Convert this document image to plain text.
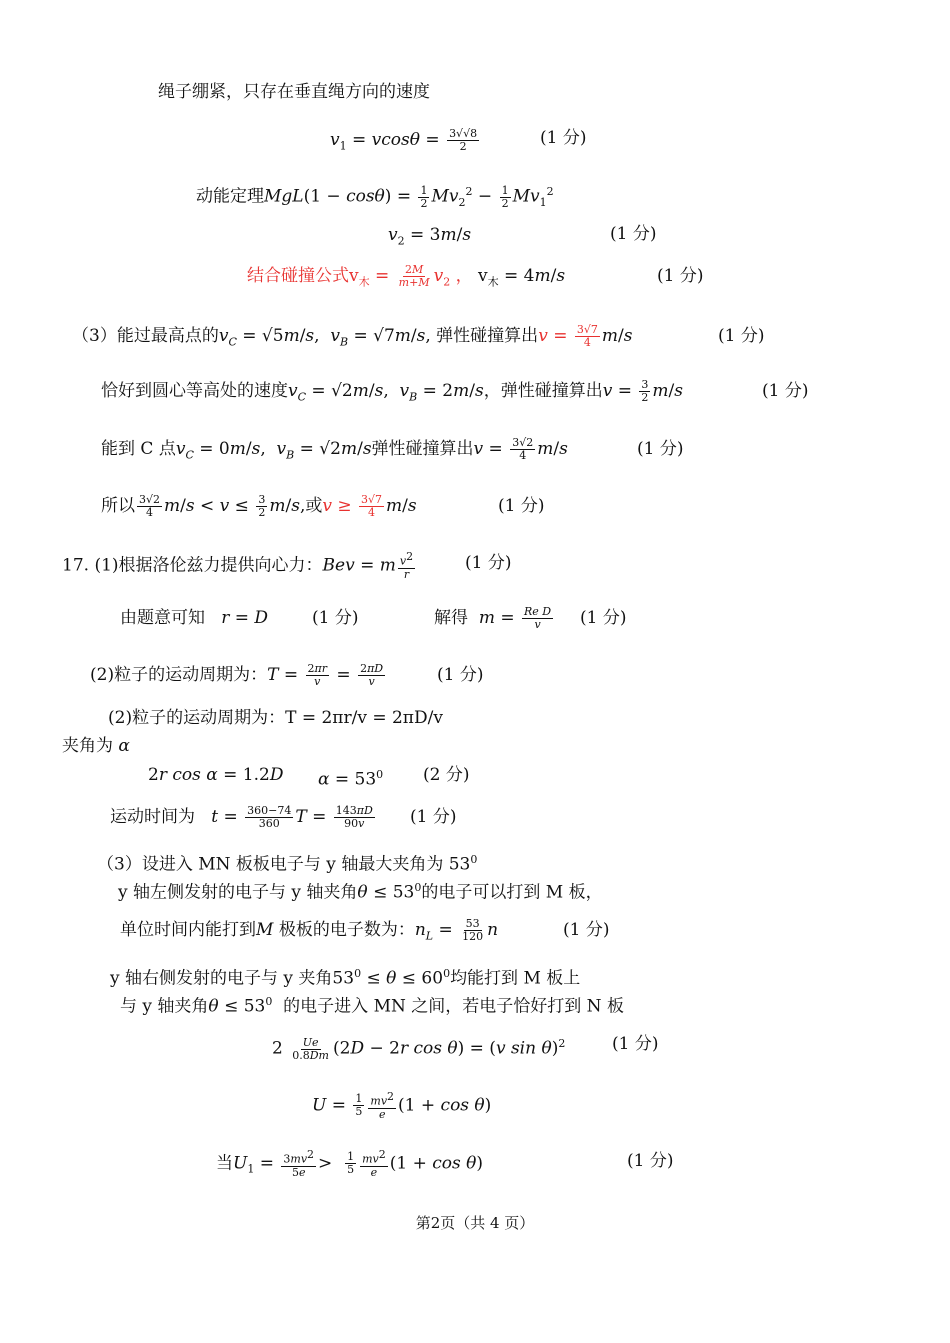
绳子绷紧，只存在垂直绳方向的速度
$v_1 = vcos\theta = \frac{3√√8}{2}$	(1 分)
动能定理$MgL(1 - \cos\theta) = \frac{1}{2} Mv_2^2 - \frac{1}{2} Mv_1^2$
$v_2 = 3m/s$	(1 分)
结合碰撞公式$v_木 = \frac{2M}{m+M} v_2$ ， $v_木 = 4m/s$	(1 分)
（3）能过最高点的$v_C = √5m/s$,  $v_B = √7m/s$, 弹性碰撞算出$v = \frac{3√7}{4} m/s$	(1 分)
恰好到圆心等高处的速度$v_C = √2m/s$,  $v_B = 2m/s$，弹性碰撞算出$v = \frac{3}{2} m/s$	(1 分)
能到 C 点$v_C = 0m/s$,  $v_B = √2m/s$弹性碰撞算出$v = \frac{3√2}{4} m/s$	(1 分)
所以 $\frac{3√2}{4} m/s < v \le \frac{3}{2} m/s$,或$v \ge \frac{3√7}{4} m/s$	(1 分)
17. (1)根据洛伦兹力提供向心力：Bev = m $\frac{v^2}{r}$	(1 分)
由题意可知   r = D	(1 分)	解得  $m = \frac{\text{Re D}}{v} (1$ 分)
(2)粒子的运动周期为：$T = \frac{2\pi r}{v} = \frac{2\pi D}{v}$	(1 分)
(2)粒子的运动周期为：T = 2πr/v = 2πD/v
夹角为 α
2r cos α = 1.2D $\alpha = 53^0$ (2 分)
运动时间为   $t = \frac{360-74}{360}$ $T = \frac{143\pi D}{90v} (1$ 分)
（3）设进入 MN 板板电子与 y 轴最大夹角为 $53^0$
y 轴左侧发射的电子与 y 轴夹角$\theta \le 53^0$的电子可以打到 M 板，
单位时间内能打到M 极板的电子数为：$n_L = \frac{53}{120}$ n	(1 分)
y 轴右侧发射的电子与 y 夹角$53^0 \le \theta \le 60^0$均能打到 M 板上
与 y 轴夹角$\theta \le 53^0$  的电子进入 MN 之间，若电子恰好打到 N 板
$2 \frac{Ue}{0.8Dm} (2D - 2r$ cos θ) = (v sin θ)$^2$	(1 分)
$U = \frac{1}{5} \frac{mv^2}{e} (1 + \cos \theta)$
当$U_1 = \frac{3mv^2}{5e} > \frac{1}{5} \frac{mv^2}{e} (1 + \cos \theta)$	(1 分)
第2页（共 4 页）
